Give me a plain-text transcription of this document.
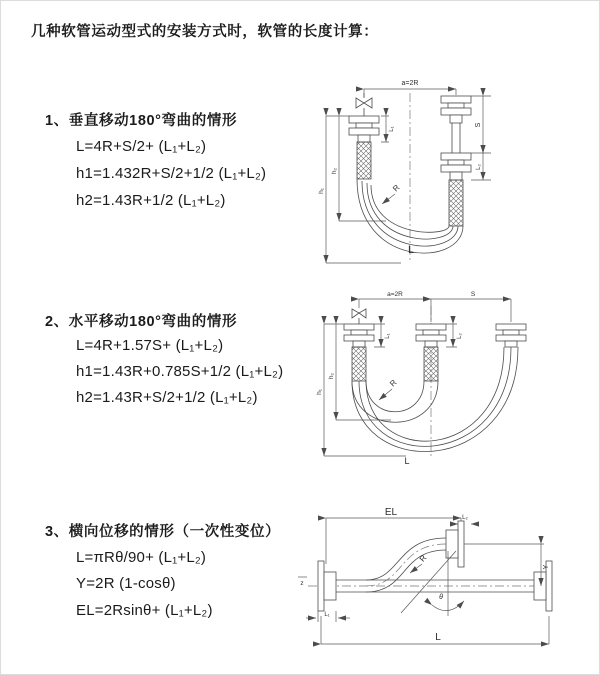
几种软管运动型式的安装方式时，软管的长度计算：
1、垂直移动180°弯曲的情形
L=4R+S/2+ (L₁+L₂)
h1=1.432R+S/2+1/2 (L₁+L₂)
h2=1.43R+1/2 (L₁+L₂)
a=2R
L₁
h₁
h₂
S
L₂
R
L
2、水平移动180°弯曲的情形
L=4R+1.57S+ (L₁+L₂)
h1=1.43R+0.785S+1/2 (L₁+L₂)
h2=1.43R+S/2+1/2 (L₁+L₂)
a=2R	S
L₁	L₂
h₁
h₂
R
L
3、横向位移的情形（一次性变位）
L=πRθ/90+ (L₁+L₂)
Y=2R (1-cosθ)
EL=2Rsinθ+ (L₁+L₂)
EL	L₂
θ
R
Y
L
L₁
z
